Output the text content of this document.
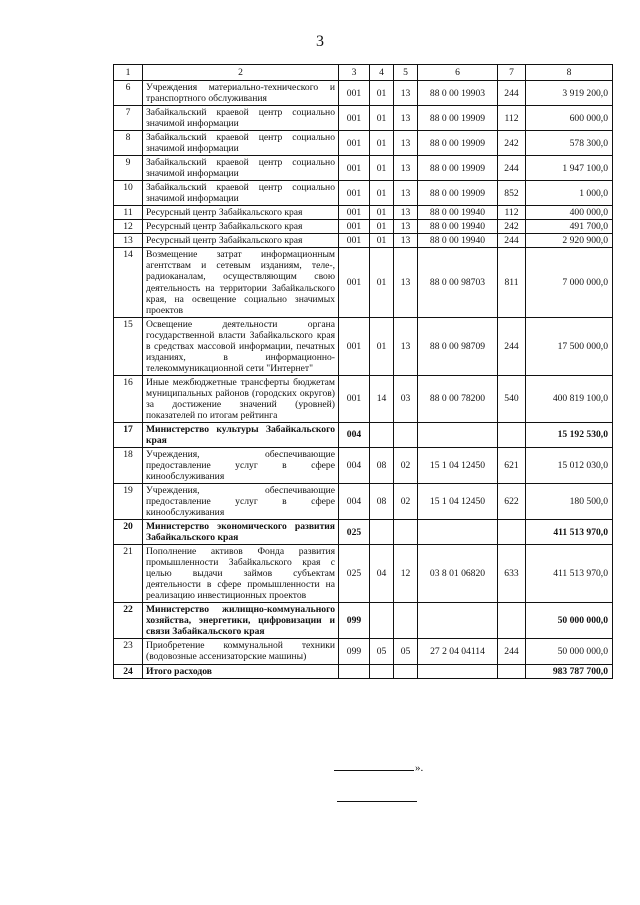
3
1	2	3	4	5	6	7	8
6	Учреждения материально-технического и транспортного обслуживания	001	01	13	88 0 00 19903	244	3 919 200,0
7	Забайкальский краевой центр социально значимой информации	001	01	13	88 0 00 19909	112	600 000,0
8	Забайкальский краевой центр социально значимой информации	001	01	13	88 0 00 19909	242	578 300,0
9	Забайкальский краевой центр социально значимой информации	001	01	13	88 0 00 19909	244	1 947 100,0
10	Забайкальский краевой центр социально значимой информации	001	01	13	88 0 00 19909	852	1 000,0
11	Ресурсный центр Забайкальского края	001	01	13	88 0 00 19940	112	400 000,0
12	Ресурсный центр Забайкальского края	001	01	13	88 0 00 19940	242	491 700,0
13	Ресурсный центр Забайкальского края	001	01	13	88 0 00 19940	244	2 920 900,0
14	Возмещение затрат информационным агентствам и сетевым изданиям, теле-, радиоканалам, осуществляющим свою деятельность на территории Забайкальского края, на освещение социально значимых проектов	001	01	13	88 0 00 98703	811	7 000 000,0
15	Освещение деятельности органа государственной власти Забайкальского края в средствах массовой информации, печатных изданиях, в информационно-телекоммуникационной сети "Интернет"	001	01	13	88 0 00 98709	244	17 500 000,0
16	Иные межбюджетные трансферты бюджетам муниципальных районов (городских округов) за достижение значений (уровней) показателей по итогам рейтинга	001	14	03	88 0 00 78200	540	400 819 100,0
17	Министерство культуры Забайкальского края	004					15 192 530,0
18	Учреждения, обеспечивающие предоставление услуг в сфере кинообслуживания	004	08	02	15 1 04 12450	621	15 012 030,0
19	Учреждения, обеспечивающие предоставление услуг в сфере кинообслуживания	004	08	02	15 1 04 12450	622	180 500,0
20	Министерство экономического развития Забайкальского края	025					411 513 970,0
21	Пополнение активов Фонда развития промышленности Забайкальского края с целью выдачи займов субъектам деятельности в сфере промышленности на реализацию инвестиционных проектов	025	04	12	03 8 01 06820	633	411 513 970,0
22	Министерство жилищно-коммунального хозяйства, энергетики, цифровизации и связи Забайкальского края	099					50 000 000,0
23	Приобретение коммунальной техники (водовозные ассенизаторские машины)	099	05	05	27 2 04 04114	244	50 000 000,0
24	Итого расходов						983 787 700,0
».
